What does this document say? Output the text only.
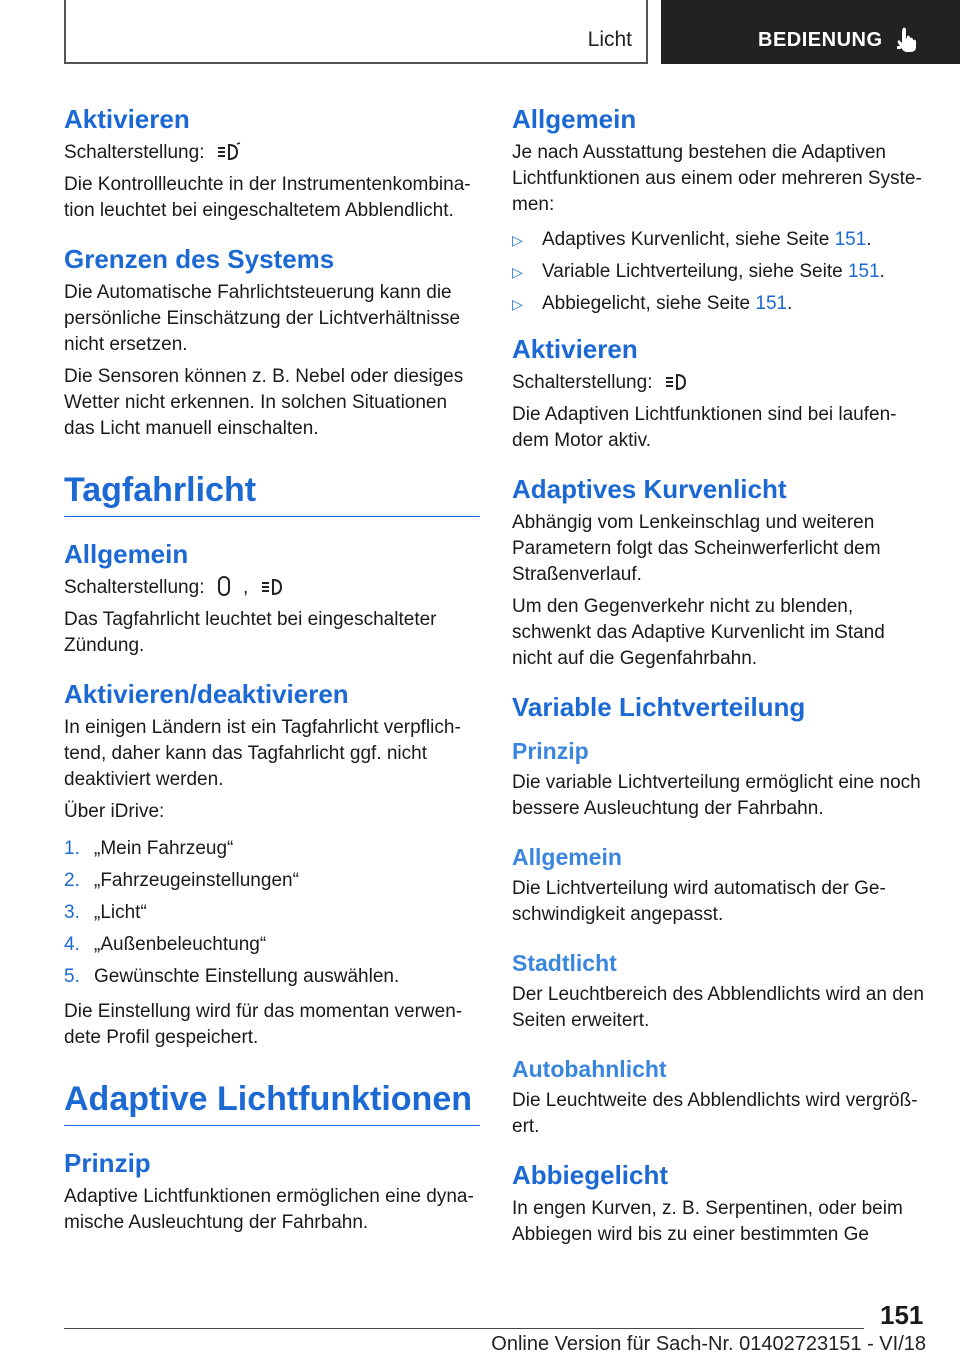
Licht	BEDIENUNG
Aktivieren

Schalterstellung:

Die Kontrollleuchte in der Instrumentenkombination leuchtet bei eingeschaltetem Abblendlicht.

Grenzen des Systems

Die Automatische Fahrlichtsteuerung kann die persönliche Einschätzung der Lichtverhältnisse nicht ersetzen.

Die Sensoren können z. B. Nebel oder diesiges Wetter nicht erkennen. In solchen Situationen das Licht manuell einschalten.

Tagfahrlicht
Allgemein

Schalterstellung: ,

Das Tagfahrlicht leuchtet bei eingeschalteter Zündung.

Aktivieren/deaktivieren

In einigen Ländern ist ein Tagfahrlicht verpflichtend, daher kann das Tagfahrlicht ggf. nicht deaktiviert werden.

Über iDrive:

1. „Mein Fahrzeug“
2. „Fahrzeugeinstellungen“
3. „Licht“
4. „Außenbeleuchtung“
5. Gewünschte Einstellung auswählen.

Die Einstellung wird für das momentan verwendete Profil gespeichert.

Adaptive Lichtfunktionen
Prinzip

Adaptive Lichtfunktionen ermöglichen eine dynamische Ausleuchtung der Fahrbahn.

Allgemein

Je nach Ausstattung bestehen die Adaptiven Lichtfunktionen aus einem oder mehreren Systemen:

▷ Adaptives Kurvenlicht, siehe Seite 151.
▷ Variable Lichtverteilung, siehe Seite 151.
▷ Abbiegelicht, siehe Seite 151.
Aktivieren

Schalterstellung:

Die Adaptiven Lichtfunktionen sind bei laufendem Motor aktiv.

Adaptives Kurvenlicht

Abhängig vom Lenkeinschlag und weiteren Parametern folgt das Scheinwerferlicht dem Straßenverlauf.

Um den Gegenverkehr nicht zu blenden, schwenkt das Adaptive Kurvenlicht im Stand nicht auf die Gegenfahrbahn.

Variable Lichtverteilung
Prinzip

Die variable Lichtverteilung ermöglicht eine noch bessere Ausleuchtung der Fahrbahn.

Allgemein

Die Lichtverteilung wird automatisch der Geschwindigkeit angepasst.

Stadtlicht

Der Leuchtbereich des Abblendlichts wird an den Seiten erweitert.

Autobahnlicht

Die Leuchtweite des Abblendlichts wird vergrößert.

Abbiegelicht

In engen Kurven, z. B. Serpentinen, oder beim Abbiegen wird bis zu einer bestimmten Ge

151
Online Version für Sach-Nr. 01402723151 - VI/18
